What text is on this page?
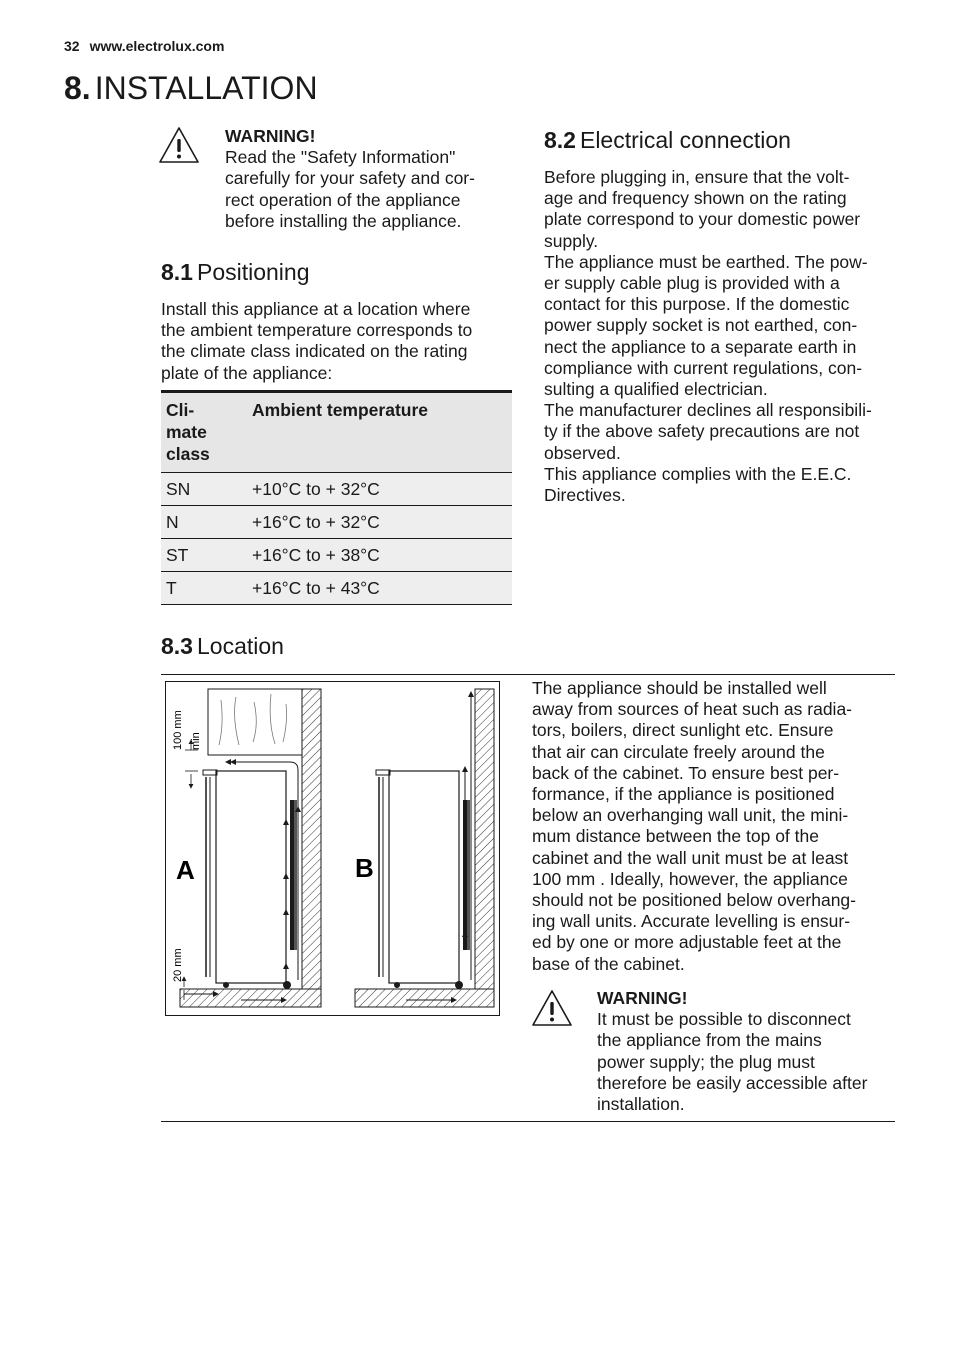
32 www.electrolux.com
8. INSTALLATION
WARNING!
Read the "Safety Information"
carefully for your safety and cor-
rect operation of the appliance
before installing the appliance.
8.1 Positioning

Install this appliance at a location where

the ambient temperature corresponds to

the climate class indicated on the rating

plate of the appliance:

Cli-
mate
class	Ambient temperature
SN	+10°C to + 32°C
N	+16°C to + 32°C
ST	+16°C to + 38°C
T	+16°C to + 43°C
8.2 Electrical connection

Before plugging in, ensure that the volt-

age and frequency shown on the rating

plate correspond to your domestic power

supply.

The appliance must be earthed. The pow-

er supply cable plug is provided with a

contact for this purpose. If the domestic

power supply socket is not earthed, con-

nect the appliance to a separate earth in

compliance with current regulations, con-

sulting a qualified electrician.

The manufacturer declines all responsibili-

ty if the above safety precautions are not

observed.

This appliance complies with the E.E.C.

Directives.

8.3 Location
100 mm min
20 mm
A	B

The appliance should be installed well

away from sources of heat such as radia-

tors, boilers, direct sunlight etc. Ensure

that air can circulate freely around the

back of the cabinet. To ensure best per-

formance, if the appliance is positioned

below an overhanging wall unit, the mini-

mum distance between the top of the

cabinet and the wall unit must be at least

100 mm . Ideally, however, the appliance

should not be positioned below overhang-

ing wall units. Accurate levelling is ensur-

ed by one or more adjustable feet at the

base of the cabinet.

WARNING!
It must be possible to disconnect
the appliance from the mains
power supply; the plug must
therefore be easily accessible after
installation.
